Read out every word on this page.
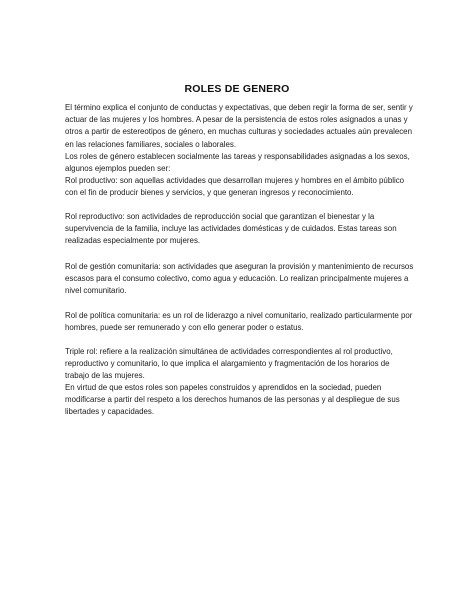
ROLES DE GENERO

El término explica el conjunto de conductas y expectativas, que deben regir la forma de ser, sentir y actuar de las mujeres y los hombres. A pesar de la persistencia de estos roles asignados a unas y otros a partir de estereotipos de género, en muchas culturas y sociedades actuales aún prevalecen en las relaciones familiares, sociales o laborales.

Los roles de género establecen socialmente las tareas y responsabilidades asignadas a los sexos, algunos ejemplos pueden ser:

Rol productivo: son aquellas actividades que desarrollan mujeres y hombres en el ámbito público con el fin de producir bienes y servicios, y que generan ingresos y reconocimiento.

Rol reproductivo: son actividades de reproducción social que garantizan el bienestar y la supervivencia de la familia, incluye las actividades domésticas y de cuidados. Estas tareas son realizadas especialmente por mujeres.

Rol de gestión comunitaria: son actividades que aseguran la provisión y mantenimiento de recursos escasos para el consumo colectivo, como agua y educación. Lo realizan principalmente mujeres a nivel comunitario.

Rol de política comunitaria: es un rol de liderazgo a nivel comunitario, realizado particularmente por hombres, puede ser remunerado y con ello generar poder o estatus.

Triple rol: refiere a la realización simultánea de actividades correspondientes al rol productivo, reproductivo y comunitario, lo que implica el alargamiento y fragmentación de los horarios de trabajo de las mujeres.

En virtud de que estos roles son papeles construidos y aprendidos en la sociedad, pueden modificarse a partir del respeto a los derechos humanos de las personas y al despliegue de sus libertades y capacidades.
